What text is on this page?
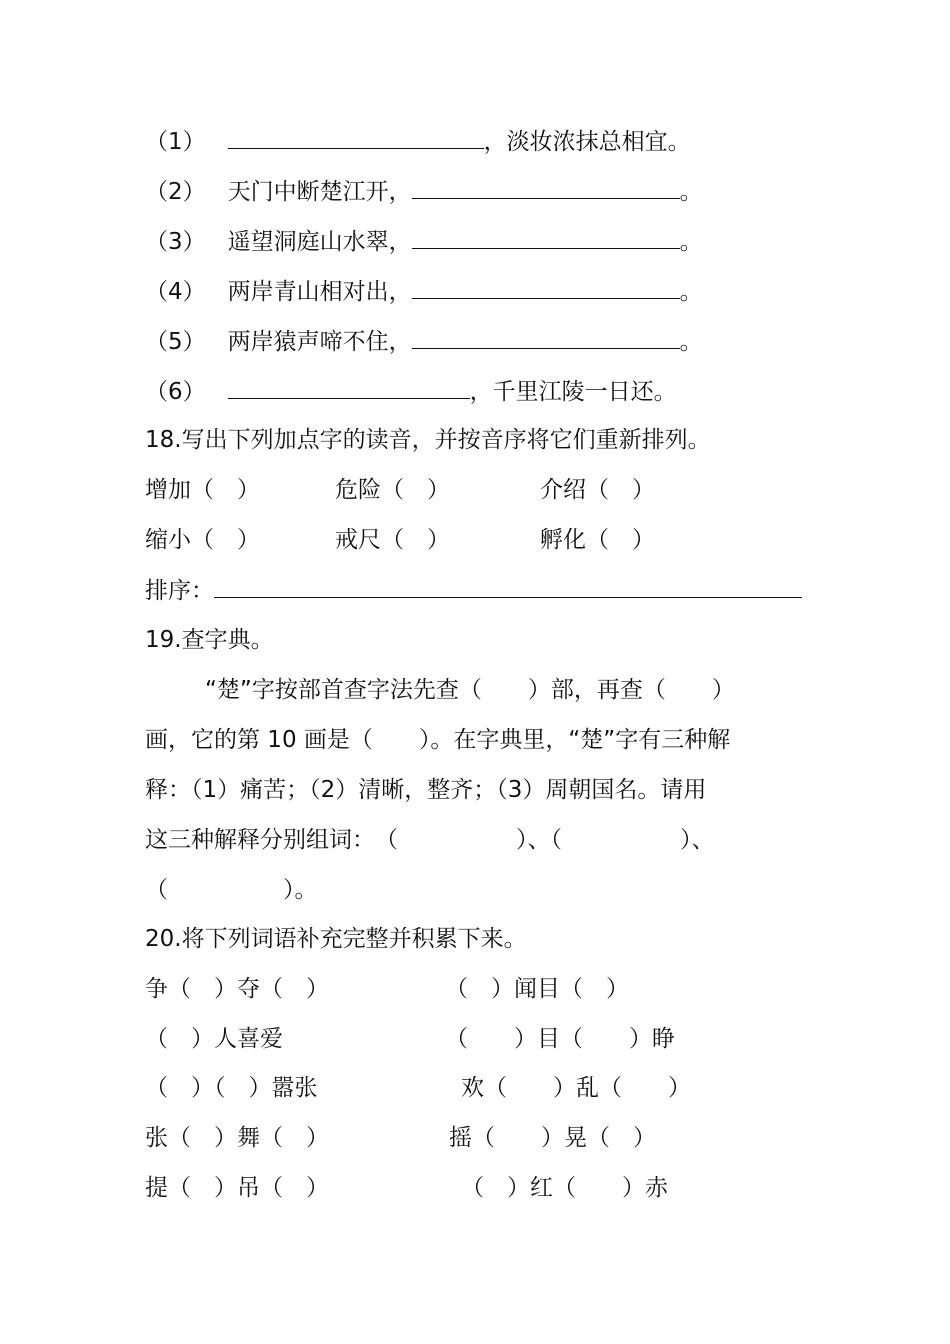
（1）	，淡妆浓抹总相宜。
（2） 天门中断楚江开，	。
（3） 遥望洞庭山水翠，	。
（4） 两岸青山相对出，	。
（5） 两岸猿声啼不住，	。
（6）	，千里江陵一日还。
18.写出下列加点字的读音，并按音序将它们重新排列。
增加（　）	危险（　）	介绍（　）
缩小（　）	戒尺（　）	孵化（　）
排序：
19.查字典。
“楚”字按部首查字法先查（　　）部，再查（　　）
画，它的第 10 画是（　　）。在字典里，“楚”字有三种解
释：（1）痛苦；（2）清晰，整齐；（3）周朝国名。请用
这三种解释分别组词： （	）、（	）、
（　　　　　）。
20.将下列词语补充完整并积累下来。
争（　）夺（　）	（　）闻目（　）
（　）人喜爱	（　　）目（　　）睁
（　）（　）嚣张	欢（　　）乱（　　）
张（　）舞（　）	摇（　　）晃（　）
提（　）吊（　）	（　）红（　　）赤
